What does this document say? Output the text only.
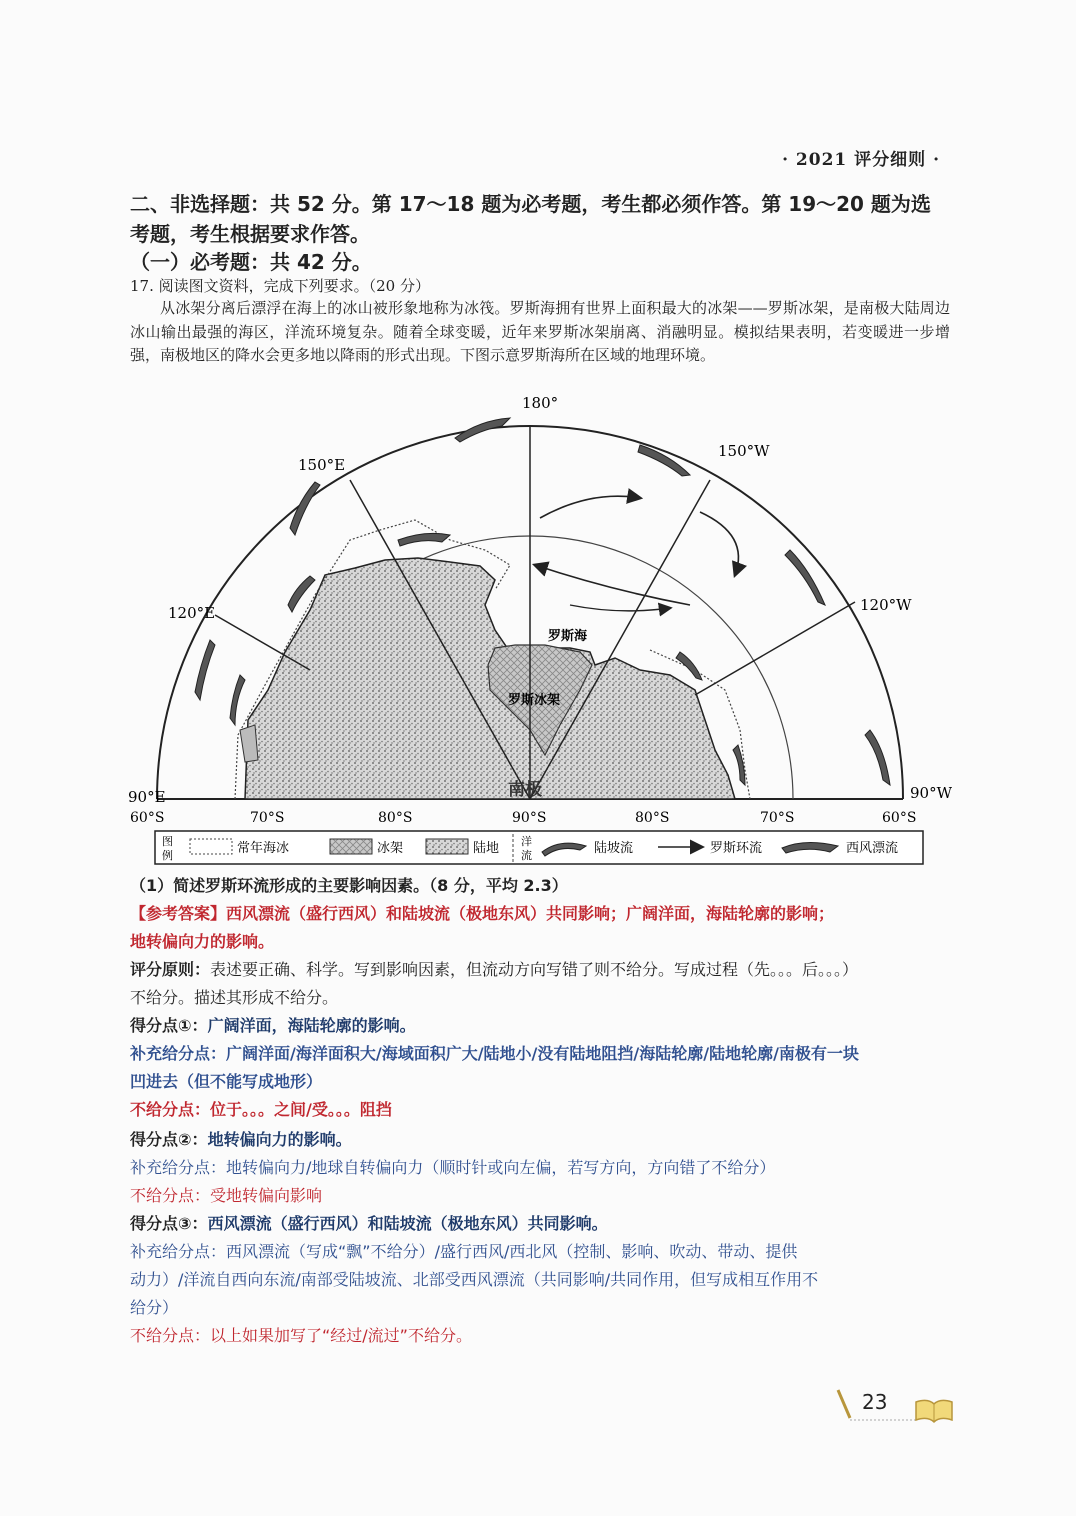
· 2021 评分细则 ·
二、非选择题：共 52 分。第 17～18 题为必考题，考生都必须作答。第 19～20 题为选
考题，考生根据要求作答。
（一）必考题：共 42 分。
17. 阅读图文资料，完成下列要求。（20 分）
从冰架分离后漂浮在海上的冰山被形象地称为冰筏。罗斯海拥有世界上面积最大的冰架——罗斯冰架，是南极大陆周边冰山输出最强的海区，洋流环境复杂。随着全球变暖，近年来罗斯冰架崩离、消融明显。模拟结果表明，若变暖进一步增强，南极地区的降水会更多地以降雨的形式出现。下图示意罗斯海所在区域的地理环境。
180°
150°E
150°W
120°E	120°W
90°E	90°W
罗斯海
罗斯冰架
南极
60°S	70°S	80°S	90°S	80°S	70°S	60°S
图
例	常年海冰	冰架	陆地 洋
流	陆坡流	罗斯环流	西风漂流
（1）简述罗斯环流形成的主要影响因素。（8 分，平均 2.3）
【参考答案】西风漂流（盛行西风）和陆坡流（极地东风）共同影响；广阔洋面，海陆轮廓的影响；
地转偏向力的影响。
评分原则：表述要正确、科学。写到影响因素，但流动方向写错了则不给分。写成过程（先。。。后。。。）
不给分。描述其形成不给分。
得分点①：广阔洋面，海陆轮廓的影响。
补充给分点：广阔洋面/海洋面积大/海域面积广大/陆地小/没有陆地阻挡/海陆轮廓/陆地轮廓/南极有一块
凹进去（但不能写成地形）
不给分点：位于。。。之间/受。。。阻挡
得分点②：地转偏向力的影响。
补充给分点：地转偏向力/地球自转偏向力（顺时针或向左偏，若写方向，方向错了不给分）
不给分点：受地转偏向影响
得分点③：西风漂流（盛行西风）和陆坡流（极地东风）共同影响。
补充给分点：西风漂流（写成“飘”不给分）/盛行西风/西北风（控制、影响、吹动、带动、提供
动力）/洋流自西向东流/南部受陆坡流、北部受西风漂流（共同影响/共同作用，但写成相互作用不
给分）
不给分点：以上如果加写了“经过/流过”不给分。
23
